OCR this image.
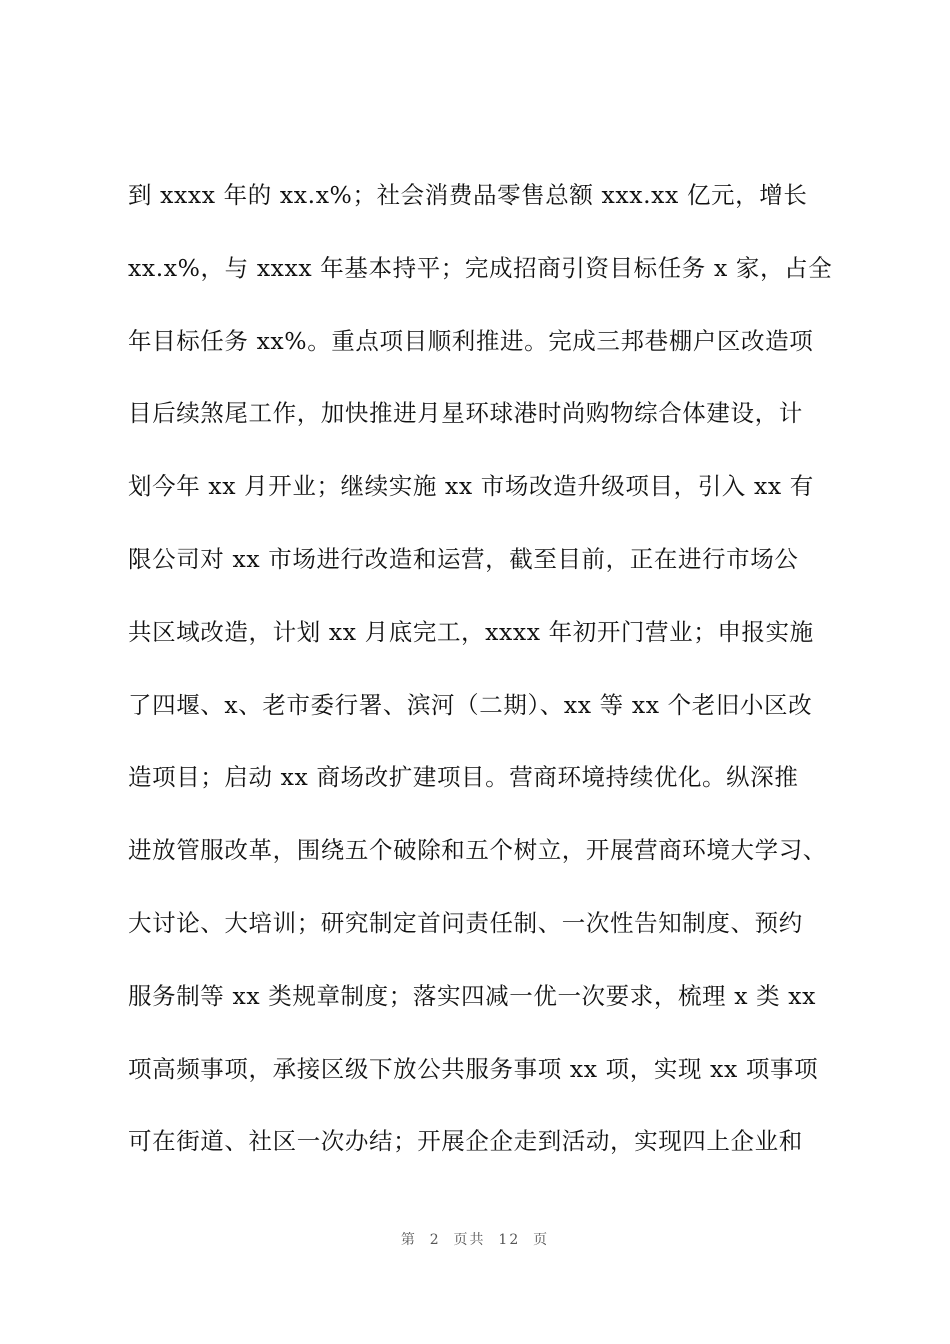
到 xxxx 年的 xx.x%；社会消费品零售总额 xxx.xx 亿元，增长
xx.x%，与 xxxx 年基本持平；完成招商引资目标任务 x 家，占全
年目标任务 xx%。重点项目顺利推进。完成三邦巷棚户区改造项
目后续煞尾工作，加快推进月星环球港时尚购物综合体建设，计
划今年 xx 月开业；继续实施 xx 市场改造升级项目，引入 xx 有
限公司对 xx 市场进行改造和运营，截至目前，正在进行市场公
共区域改造，计划 xx 月底完工，xxxx 年初开门营业；申报实施
了四堰、x、老市委行署、滨河（二期）、xx 等 xx 个老旧小区改
造项目；启动 xx 商场改扩建项目。营商环境持续优化。纵深推
进放管服改革，围绕五个破除和五个树立，开展营商环境大学习、
大讨论、大培训；研究制定首问责任制、一次性告知制度、预约
服务制等 xx 类规章制度；落实四减一优一次要求，梳理 x 类 xx
项高频事项，承接区级下放公共服务事项 xx 项，实现 xx 项事项
可在街道、社区一次办结；开展企企走到活动，实现四上企业和
第  2  页共  12  页
